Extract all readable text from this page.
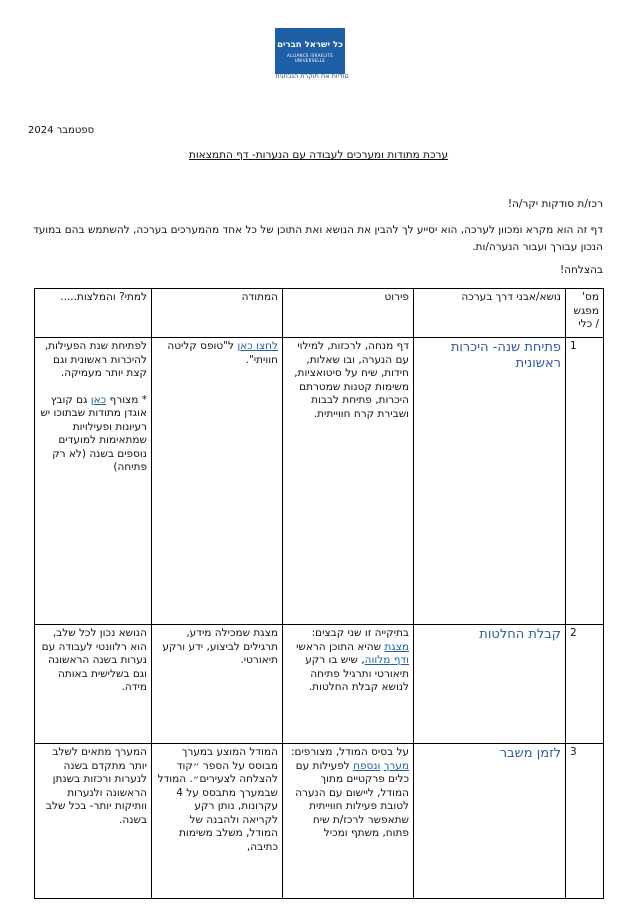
כל ישראל חברים
ALLIANCE ISRAELITE UNIVERSELLE
סודיות את תוקרת הנכחנית
ספטמבר 2024
ערכת מתודות ומערכים לעבודה עם הנערות- דף התמצאות
רכז/ת סודקות יקר/ה!
דף זה הוא מקרא ומכוון לערכה, הוא יסייע לך להבין את הנושא ואת התוכן של כל אחד מהמערכים בערכה, להשתמש בהם במועד הנכון עבורך ועבור הנערה/ות.
בהצלחה!
מס' מפגש / כלי	נושא/אבני דרך בערכה	פירוט	המתודה	למתי? והמלצות.....
1	פתיחת שנה- היכרות ראשונית	דף מנחה, לרכזות, למילוי עם הנערה, ובו שאלות, חידות, שיח על סיטואציות, משימות קטנות שמטרתם היכרות, פתיחת לבבות ושבירת קרח חווייתית.	לחצו כאן ל"טופס קליטה חוויתי".	לפתיחת שנת הפעילות, להיכרות ראשונית וגם קצת יותר מעמיקה.
* מצורף כאן גם קובץ אוגדן מתודות שבתוכו יש רעיונות ופעילויות שמתאימות למועדים נוספים בשנה (לא רק פתיחה)

2	קבלת החלטות	בתיקייה זו שני קבצים: מצגת שהיא התוכן הראשי ודף מלווה, שיש בו רקע תיאורטי ותרגיל פתיחה לנושא קבלת החלטות.	מצגת שמכילה מידע, תרגילים לביצוע, ידע ורקע תיאורטי.	הנושא נכון לכל שלב, הוא רלוונטי לעבודה עם נערות בשנה הראשונה וגם בשלישית באותה מידה.
3	לזמן משבר	על בסיס המודל, מצורפים: מערך ונספח לפעילות עם כלים פרקטיים מתוך המודל, ליישום עם הנערה לטובת פעילות חווייתית שתאפשר לרכז/ת שיח פתוח, משתף ומכיל	המודל המוצע במערך מבוסס על הספר ״קוד להצלחה לצעירים״. המודל שבמערך מתבסס על 4 עקרונות, נותן רקע לקריאה ולהבנה של המודל, משלב משימות כתיבה,	המערך מתאים לשלב יותר מתקדם בשנה לנערות ורכזות בשנתן הראשונה ולנערות וותיקות יותר- בכל שלב בשנה.
